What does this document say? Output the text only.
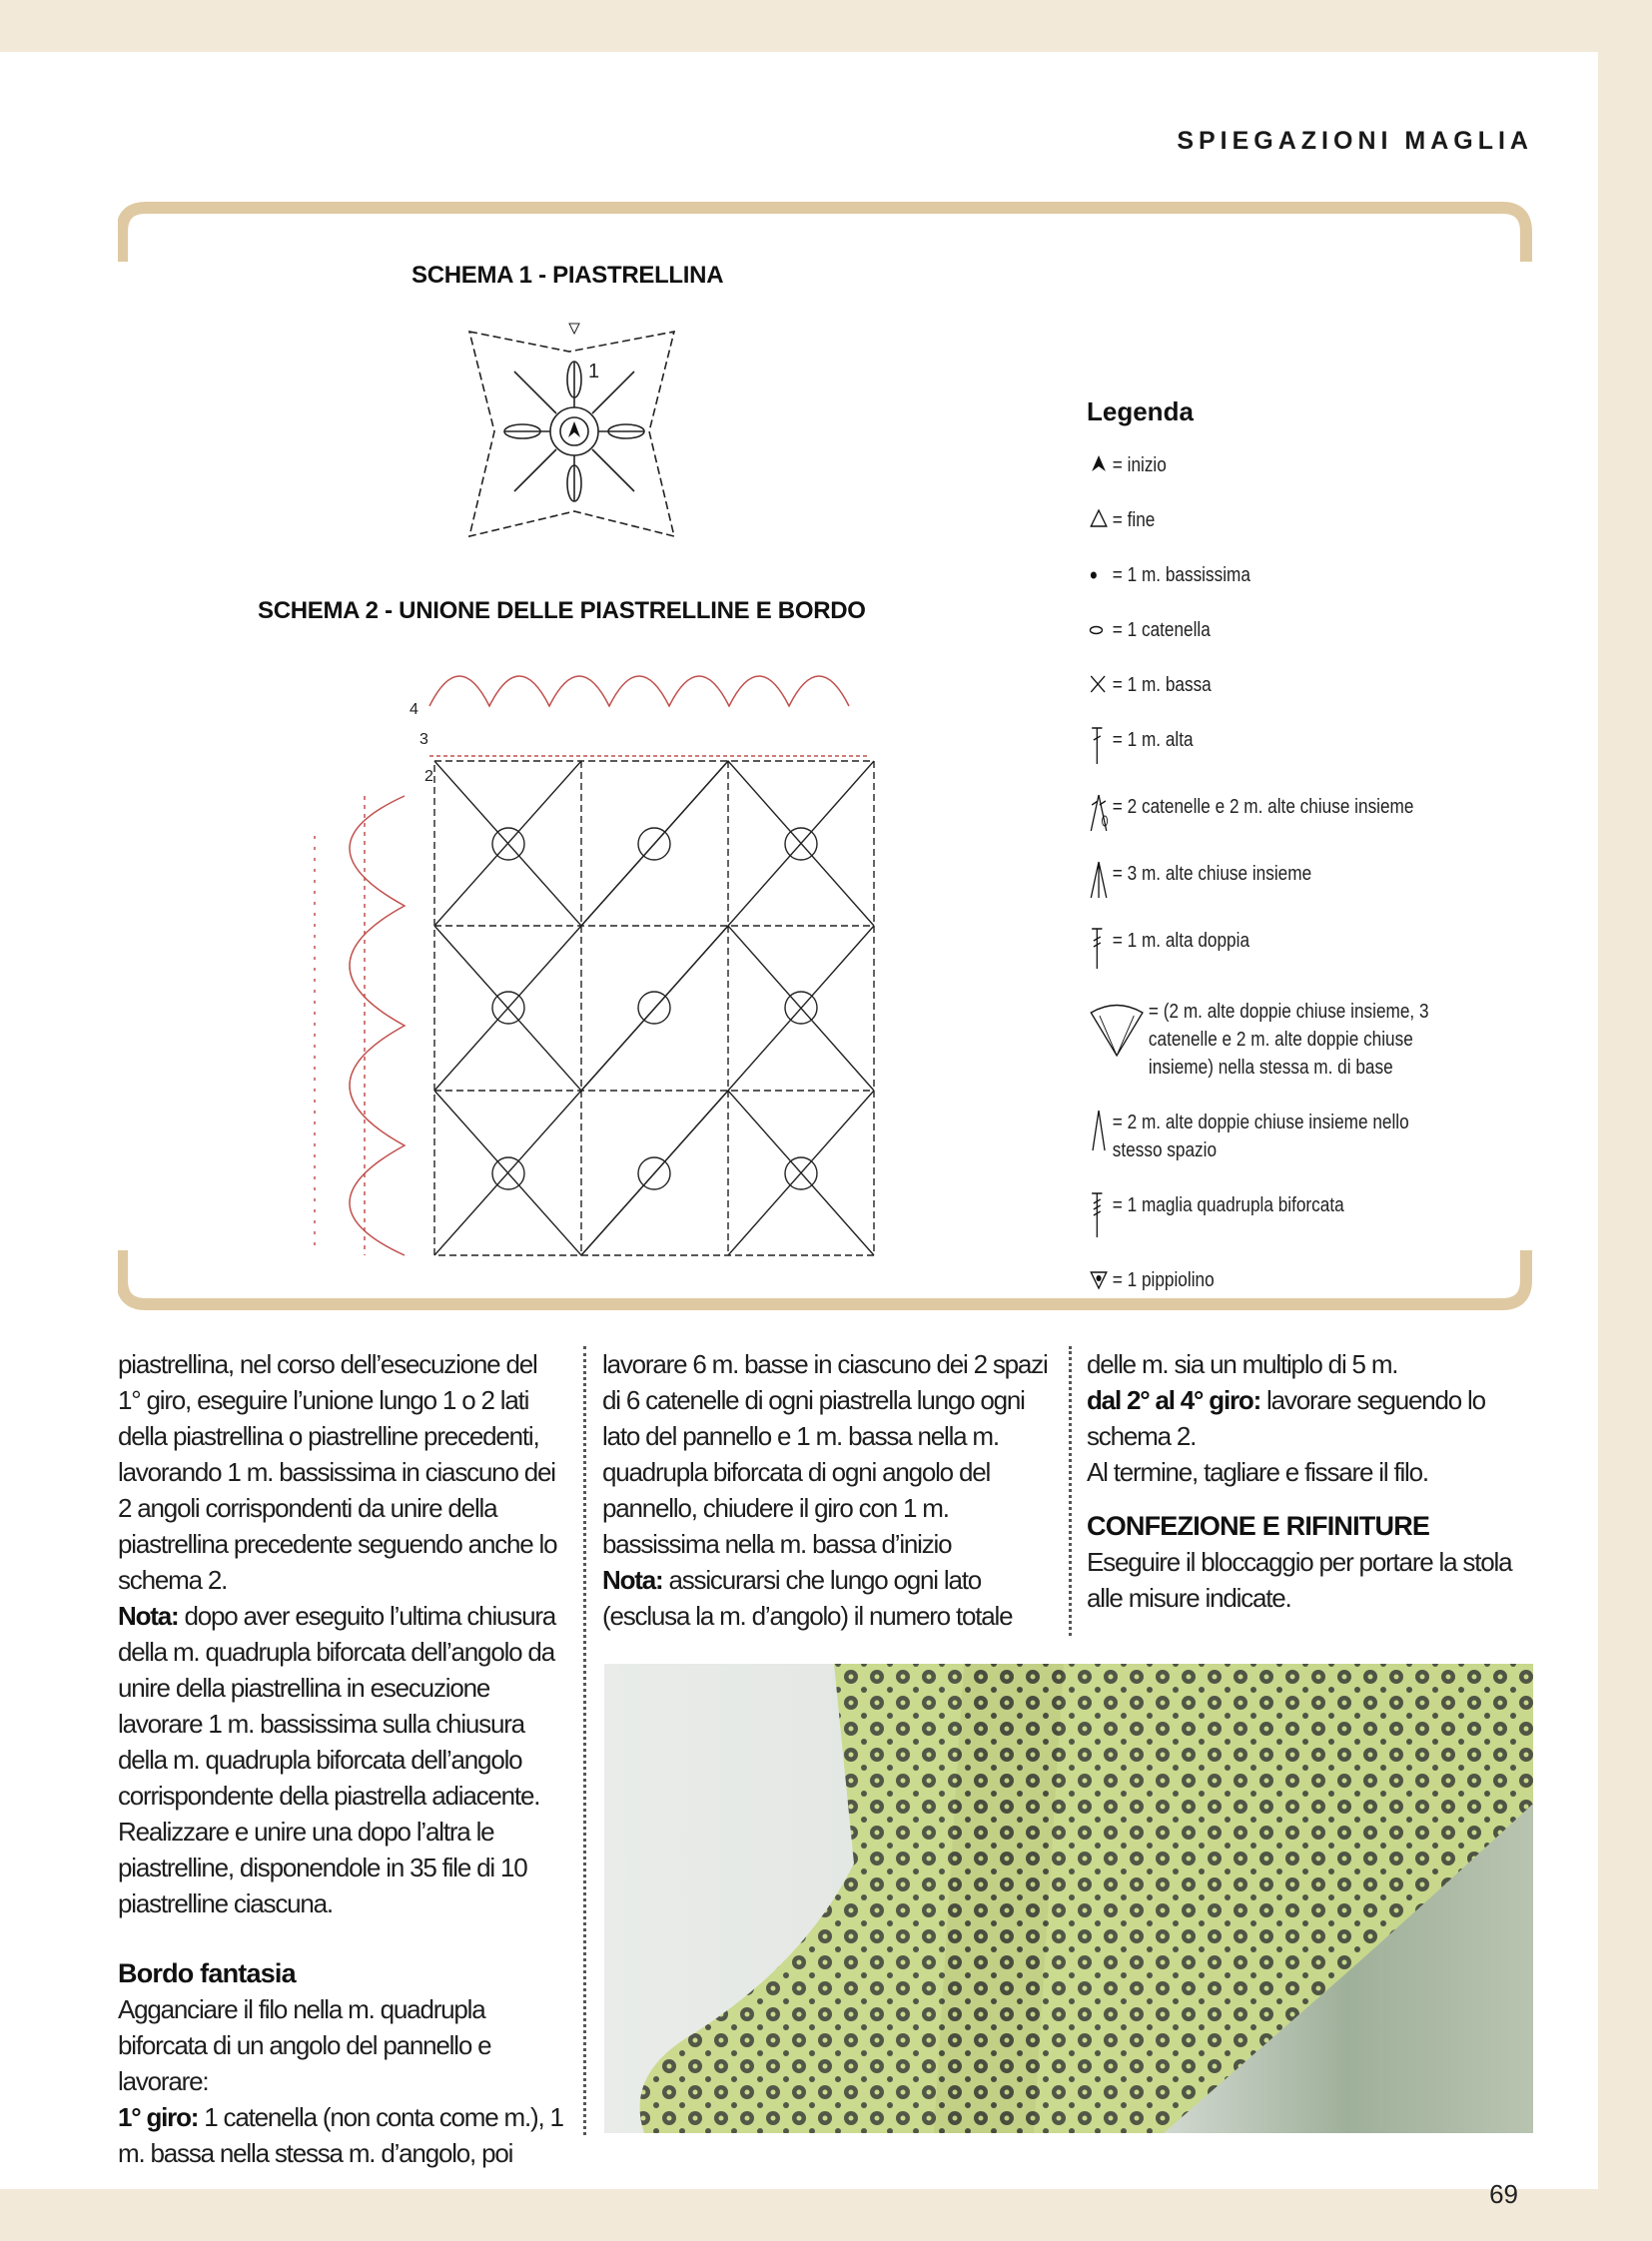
SPIEGAZIONI MAGLIA
SCHEMA 1 - PIASTRELLINA
1
SCHEMA 2 - UNIONE DELLE PIASTRELLINE E BORDO
4
3
2
Legenda
= inizio
= fine
= 1 m. bassissima
= 1 catenella
= 1 m. bassa
= 1 m. alta
= 2 catenelle e 2 m. alte chiuse insieme
= 3 m. alte chiuse insieme
= 1 m. alta doppia
= (2 m. alte doppie chiuse insieme, 3 catenelle e 2 m. alte doppie chiuse insieme) nella stessa m. di base
= 2 m. alte doppie chiuse insieme nello stesso spazio
= 1 maglia quadrupla biforcata
= 1 pippiolino

piastrellina, nel corso dell’esecuzione del 1° giro, eseguire l’unione lungo 1 o 2 lati della piastrellina o piastrelline precedenti, lavorando 1 m. bassissima in ciascuno dei 2 angoli corrispondenti da unire della piastrellina precedente seguendo anche lo schema 2.

Nota: dopo aver eseguito l’ultima chiusura della m. quadrupla biforcata dell’angolo da unire della piastrellina in esecuzione lavorare 1 m. bassissima sulla chiusura della m. quadrupla biforcata dell’angolo corrispondente della piastrella adiacente. Realizzare e unire una dopo l’altra le piastrelline, disponendole in 35 file di 10 piastrelline ciascuna.

Bordo fantasia

Agganciare il filo nella m. quadrupla biforcata di un angolo del pannello e lavorare:

1° giro: 1 catenella (non conta come m.), 1 m. bassa nella stessa m. d’angolo, poi

lavorare 6 m. basse in ciascuno dei 2 spazi di 6 catenelle di ogni piastrella lungo ogni lato del pannello e 1 m. bassa nella m. quadrupla biforcata di ogni angolo del pannello, chiudere il giro con 1 m. bassissima nella m. bassa d’inizio

Nota: assicurarsi che lungo ogni lato (esclusa la m. d’angolo) il numero totale

delle m. sia un multiplo di 5 m.

dal 2° al 4° giro: lavorare seguendo lo schema 2.

Al termine, tagliare e fissare il filo.

CONFEZIONE E RIFINITURE

Eseguire il bloccaggio per portare la stola alle misure indicate.

69
